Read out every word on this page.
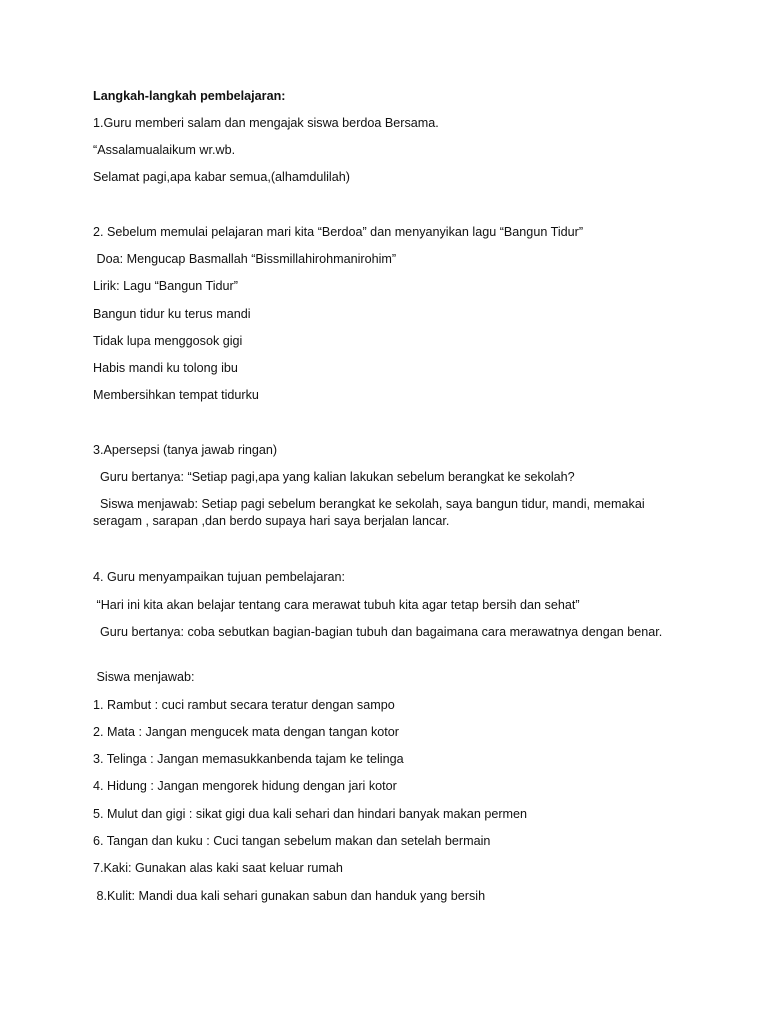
Langkah-langkah pembelajaran:

1.Guru memberi salam dan mengajak siswa berdoa Bersama.

“Assalamualaikum wr.wb.

Selamat pagi,apa kabar semua,(alhamdulilah)

2. Sebelum memulai pelajaran mari kita “Berdoa” dan menyanyikan lagu “Bangun Tidur”

Doa: Mengucap Basmallah “Bissmillahirohmanirohim”

Lirik: Lagu “Bangun Tidur”

Bangun tidur ku terus mandi

Tidak lupa menggosok gigi

Habis mandi ku tolong ibu

Membersihkan tempat tidurku

3.Apersepsi (tanya jawab ringan)

Guru bertanya: “Setiap pagi,apa yang kalian lakukan sebelum berangkat ke sekolah?

Siswa menjawab: Setiap pagi sebelum berangkat ke sekolah, saya bangun tidur, mandi, memakai seragam , sarapan ,dan berdo supaya hari saya berjalan lancar.

4. Guru menyampaikan tujuan pembelajaran:

“Hari ini kita akan belajar tentang cara merawat tubuh kita agar tetap bersih dan sehat”

Guru bertanya: coba sebutkan bagian-bagian tubuh dan bagaimana cara merawatnya dengan benar.

Siswa menjawab:

1. Rambut : cuci rambut secara teratur dengan sampo

2. Mata : Jangan mengucek mata dengan tangan kotor

3. Telinga : Jangan memasukkanbenda tajam ke telinga

4. Hidung : Jangan mengorek hidung dengan jari kotor

5. Mulut dan gigi : sikat gigi dua kali sehari dan hindari banyak makan permen

6. Tangan dan kuku : Cuci tangan sebelum makan dan setelah bermain

7.Kaki: Gunakan alas kaki saat keluar rumah

8.Kulit: Mandi dua kali sehari gunakan sabun dan handuk yang bersih
